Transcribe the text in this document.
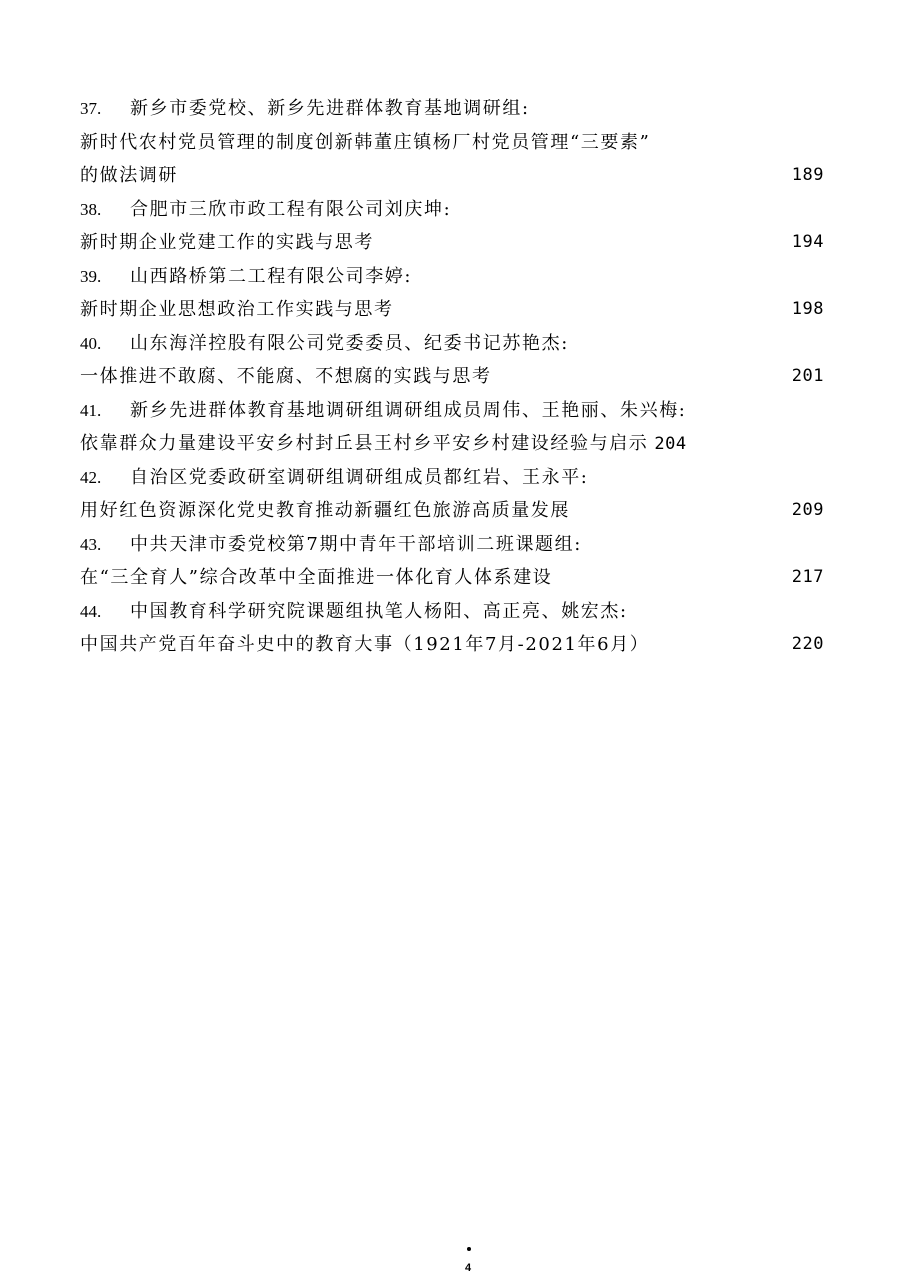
37. 新乡市委党校、新乡先进群体教育基地调研组:
新时代农村党员管理的制度创新韩董庄镇杨厂村党员管理“三要素”
的做法调研	189
38. 合肥市三欣市政工程有限公司刘庆坤:
新时期企业党建工作的实践与思考	194
39. 山西路桥第二工程有限公司李婷:
新时期企业思想政治工作实践与思考	198
40. 山东海洋控股有限公司党委委员、纪委书记苏艳杰:
一体推进不敢腐、不能腐、不想腐的实践与思考	201
41. 新乡先进群体教育基地调研组调研组成员周伟、王艳丽、朱兴梅:
依靠群众力量建设平安乡村封丘县王村乡平安乡村建设经验与启示 204
42. 自治区党委政研室调研组调研组成员都红岩、王永平:
用好红色资源深化党史教育推动新疆红色旅游高质量发展	209
43. 中共天津市委党校第7期中青年干部培训二班课题组:
在“三全育人”综合改革中全面推进一体化育人体系建设	217
44. 中国教育科学研究院课题组执笔人杨阳、高正亮、姚宏杰:
中国共产党百年奋斗史中的教育大事（1921年7月-2021年6月）	220
4
